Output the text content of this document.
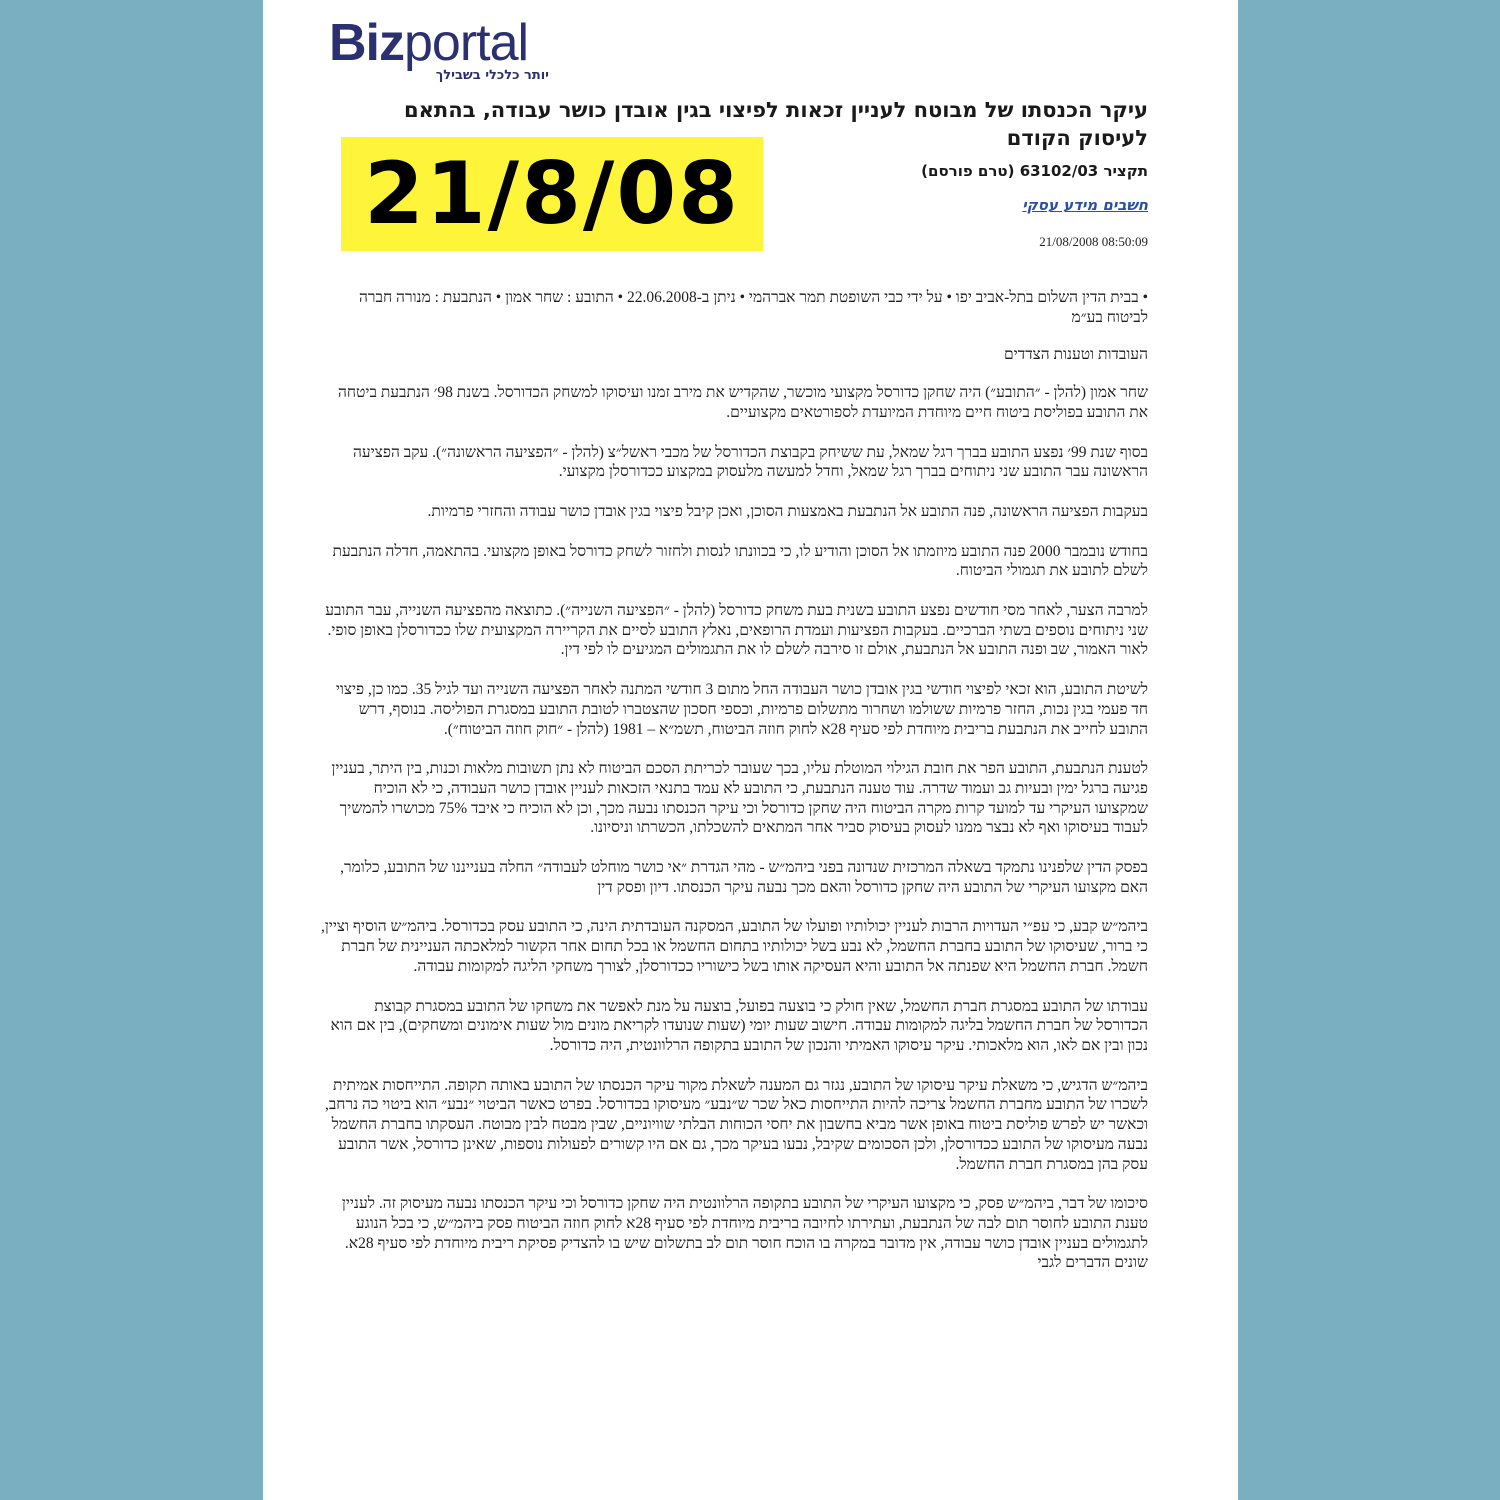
Bizportal
יותר כלכלי בשבילך
עיקר הכנסתו של מבוטח לעניין זכאות לפיצוי בגין אובדן כושר עבודה, בהתאם לעיסוק הקודם
21/8/08	תקציר 63102/03 (טרם פורסם)
חשבים מידע עסקי
21/08/2008 08:50:09

• בבית הדין השלום בתל-אביב יפו • על ידי כבי השופטת תמר אברהמי • ניתן ב-22.06.2008 • התובע : שחר אמון • הנתבעת : מנורה חברה לביטוח בע״מ

העובדות וטענות הצדדים

שחר אמון (להלן - ״התובע״) היה שחקן כדורסל מקצועי מוכשר, שהקדיש את מירב זמנו ועיסוקו למשחק הכדורסל. בשנת 98׳ הנתבעת ביטחה את התובע בפוליסת ביטוח חיים מיוחדת המיועדת לספורטאים מקצועיים.

בסוף שנת 99׳ נפצע התובע בברך רגל שמאל, עת ששיחק בקבוצת הכדורסל של מכבי ראשל״צ (להלן - ״הפציעה הראשונה״). עקב הפציעה הראשונה עבר התובע שני ניתוחים בברך רגל שמאל, וחדל למעשה מלעסוק במקצוע ככדורסלן מקצועי.

בעקבות הפציעה הראשונה, פנה התובע אל הנתבעת באמצעות הסוכן, ואכן קיבל פיצוי בגין אובדן כושר עבודה והחזרי פרמיות.

בחודש נובמבר 2000 פנה התובע מיוזמתו אל הסוכן והודיע לו, כי בכוונתו לנסות ולחזור לשחק כדורסל באופן מקצועי. בהתאמה, חדלה הנתבעת לשלם לתובע את תגמולי הביטוח.

למרבה הצער, לאחר מסי חודשים נפצע התובע בשנית בעת משחק כדורסל (להלן - ״הפציעה השנייה״). כתוצאה מהפציעה השנייה, עבר התובע שני ניתוחים נוספים בשתי הברכיים. בעקבות הפציעות ועמדת הרופאים, נאלץ התובע לסיים את הקריירה המקצועית שלו ככדורסלן באופן סופי. לאור האמור, שב ופנה התובע אל הנתבעת, אולם זו סירבה לשלם לו את התגמולים המגיעים לו לפי דין.

לשיטת התובע, הוא זכאי לפיצוי חודשי בגין אובדן כושר העבודה החל מתום 3 חודשי המתנה לאחר הפציעה השנייה ועד לגיל 35. כמו כן, פיצוי חד פעמי בגין נכות, החזר פרמיות ששולמו ושחרור מתשלום פרמיות, וכספי חסכון שהצטברו לטובת התובע במסגרת הפוליסה. בנוסף, דרש התובע לחייב את הנתבעת בריבית מיוחדת לפי סעיף 28א לחוק חוזה הביטוח, תשמ״א – 1981 (להלן - ״חוק חוזה הביטוח״).

לטענת הנתבעת, התובע הפר את חובת הגילוי המוטלת עליו, בכך שעובר לכריתת הסכם הביטוח לא נתן תשובות מלאות וכנות, בין היתר, בעניין פגיעה ברגל ימין ובעיות גב ועמוד שדרה. עוד טענה הנתבעת, כי התובע לא עמד בתנאי הזכאות לעניין אובדן כושר העבודה, כי לא הוכיח שמקצועו העיקרי עד למועד קרות מקרה הביטוח היה שחקן כדורסל וכי עיקר הכנסתו נבעה מכך, וכן לא הוכיח כי איבד 75% מכושרו להמשיך לעבוד בעיסוקו ואף לא נבצר ממנו לעסוק בעיסוק סביר אחר המתאים להשכלתו, הכשרתו וניסיונו.

בפסק הדין שלפנינו נתמקד בשאלה המרכזית שנדונה בפני ביהמ״ש - מהי הגדרת ״אי כושר מוחלט לעבודה״ החלה בענייננו של התובע, כלומר, האם מקצועו העיקרי של התובע היה שחקן כדורסל והאם מכך נבעה עיקר הכנסתו. דיון ופסק דין

ביהמ״ש קבע, כי עפ״י העדויות הרבות לעניין יכולותיו ופועלו של התובע, המסקנה העובדתית הינה, כי התובע עסק בכדורסל. ביהמ״ש הוסיף וציין, כי ברור, שעיסוקו של התובע בחברת החשמל, לא נבע בשל יכולותיו בתחום החשמל או בכל תחום אחר הקשור למלאכתה העניינית של חברת חשמל. חברת החשמל היא שפנתה אל התובע והיא העסיקה אותו בשל כישוריו ככדורסלן, לצורך משחקי הליגה למקומות עבודה.

עבודתו של התובע במסגרת חברת החשמל, שאין חולק כי בוצעה בפועל, בוצעה על מנת לאפשר את משחקו של התובע במסגרת קבוצת הכדורסל של חברת החשמל בליגה למקומות עבודה. חישוב שעות יומי (שעות שנועדו לקריאת מונים מול שעות אימונים ומשחקים), בין אם הוא נכון ובין אם לאו, הוא מלאכותי. עיקר עיסוקו האמיתי והנכון של התובע בתקופה הרלוונטית, היה כדורסל.

ביהמ״ש הדגיש, כי משאלת עיקר עיסוקו של התובע, נגזר גם המענה לשאלת מקור עיקר הכנסתו של התובע באותה תקופה. התייחסות אמיתית לשכרו של התובע מחברת החשמל צריכה להיות התייחסות כאל שכר ש״נבע״ מעיסוקו בכדורסל. בפרט כאשר הביטוי ״נבע״ הוא ביטוי כה נרחב, וכאשר יש לפרש פוליסת ביטוח באופן אשר מביא בחשבון את יחסי הכוחות הבלתי שוויוניים, שבין מבטח לבין מבוטח. העסקתו בחברת החשמל נבעה מעיסוקו של התובע ככדורסלן, ולכן הסכומים שקיבל, נבעו בעיקר מכך, גם אם היו קשורים לפעולות נוספות, שאינן כדורסל, אשר התובע עסק בהן במסגרת חברת החשמל.

סיכומו של דבר, ביהמ״ש פסק, כי מקצועו העיקרי של התובע בתקופה הרלוונטית היה שחקן כדורסל וכי עיקר הכנסתו נבעה מעיסוק זה. לעניין טענת התובע לחוסר תום לבה של הנתבעת, ועתירתו לחיובה בריבית מיוחדת לפי סעיף 28א לחוק חוזה הביטוח פסק ביהמ״ש, כי בכל הנוגע לתגמולים בעניין אובדן כושר עבודה, אין מדובר במקרה בו הוכח חוסר תום לב בתשלום שיש בו להצדיק פסיקת ריבית מיוחדת לפי סעיף 28א. שונים הדברים לגבי
